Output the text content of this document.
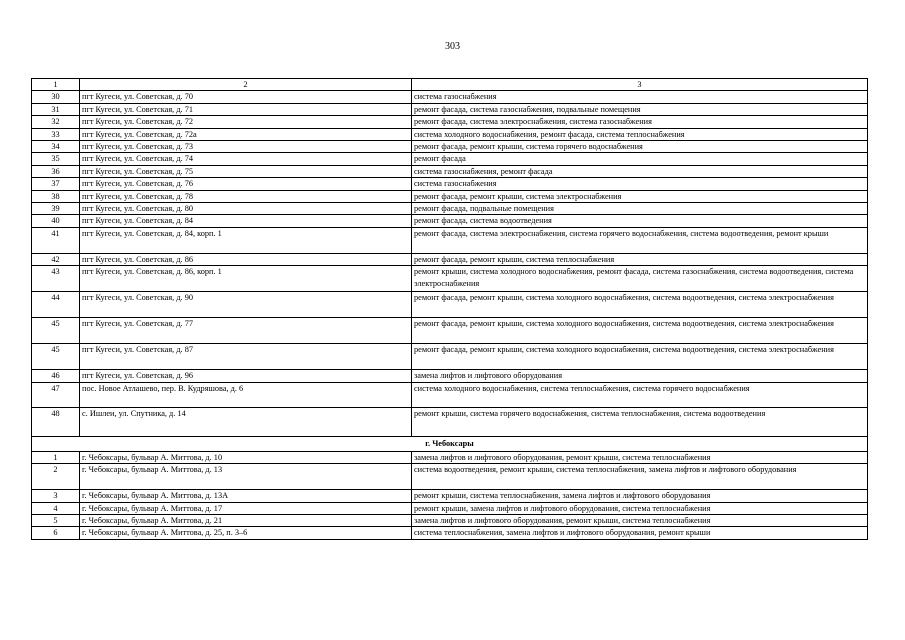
303
1	2	3
30	пгт Кугеси, ул. Советская, д. 70	система газоснабжения
31	пгт Кугеси, ул. Советская, д. 71	ремонт фасада, система газоснабжения, подвальные помещения
32	пгт Кугеси, ул. Советская, д. 72	ремонт фасада, система электроснабжения, система газоснабжения
33	пгт Кугеси, ул. Советская, д. 72а	система холодного водоснабжения, ремонт фасада, система теплоснабжения
34	пгт Кугеси, ул. Советская, д. 73	ремонт фасада, ремонт крыши, система горячего водоснабжения
35	пгт Кугеси, ул. Советская, д. 74	ремонт фасада
36	пгт Кугеси, ул. Советская, д. 75	система газоснабжения, ремонт фасада
37	пгт Кугеси, ул. Советская, д. 76	система газоснабжения
38	пгт Кугеси, ул. Советская, д. 78	ремонт фасада, ремонт крыши, система электроснабжения
39	пгт Кугеси, ул. Советская, д. 80	ремонт фасада, подвальные помещения
40	пгт Кугеси, ул. Советская, д. 84	ремонт фасада, система водоотведения
41	пгт Кугеси, ул. Советская, д. 84, корп. 1	ремонт фасада, система электроснабжения, система горячего водоснабжения, система водоотведения, ремонт крыши
42	пгт Кугеси, ул. Советская, д. 86	ремонт фасада, ремонт крыши, система теплоснабжения
43	пгт Кугеси, ул. Советская, д. 86, корп. 1	ремонт крыши, система холодного водоснабжения, ремонт фасада, система газоснабжения, система водоотведения, система электроснабжения
44	пгт Кугеси, ул. Советская, д. 90	ремонт фасада, ремонт крыши, система холодного водоснабжения, система водоотведения, система электроснабжения
45	пгт Кугеси, ул. Советская, д. 77	ремонт фасада, ремонт крыши, система холодного водоснабжения, система водоотведения, система электроснабжения
45	пгт Кугеси, ул. Советская, д. 87	ремонт фасада, ремонт крыши, система холодного водоснабжения, система водоотведения, система электроснабжения
46	пгт Кугеси, ул. Советская, д. 96	замена лифтов и лифтового оборудования
47	пос. Новое Атлашево, пер. В. Кудряшова, д. 6	система холодного водоснабжения, система теплоснабжения, система горячего водоснабжения
48	с. Ишлеи, ул. Спутника, д. 14	ремонт крыши, система горячего водоснабжения, система теплоснабжения, система водоотведения
г. Чебоксары		
1	г. Чебоксары, бульвар А. Миттова, д. 10	замена лифтов и лифтового оборудования, ремонт крыши, система теплоснабжения
2	г. Чебоксары, бульвар А. Миттова, д. 13	система водоотведения, ремонт крыши, система теплоснабжения, замена лифтов и лифтового оборудования
3	г. Чебоксары, бульвар А. Миттова, д. 13А	ремонт крыши, система теплоснабжения, замена лифтов и лифтового оборудования
4	г. Чебоксары, бульвар А. Миттова, д. 17	ремонт крыши, замена лифтов и лифтового оборудования, система теплоснабжения
5	г. Чебоксары, бульвар А. Миттова, д. 21	замена лифтов и лифтового оборудования, ремонт крыши, система теплоснабжения
6	г. Чебоксары, бульвар А. Миттова, д. 25, п. 3–6	система теплоснабжения, замена лифтов и лифтового оборудования, ремонт крыши
